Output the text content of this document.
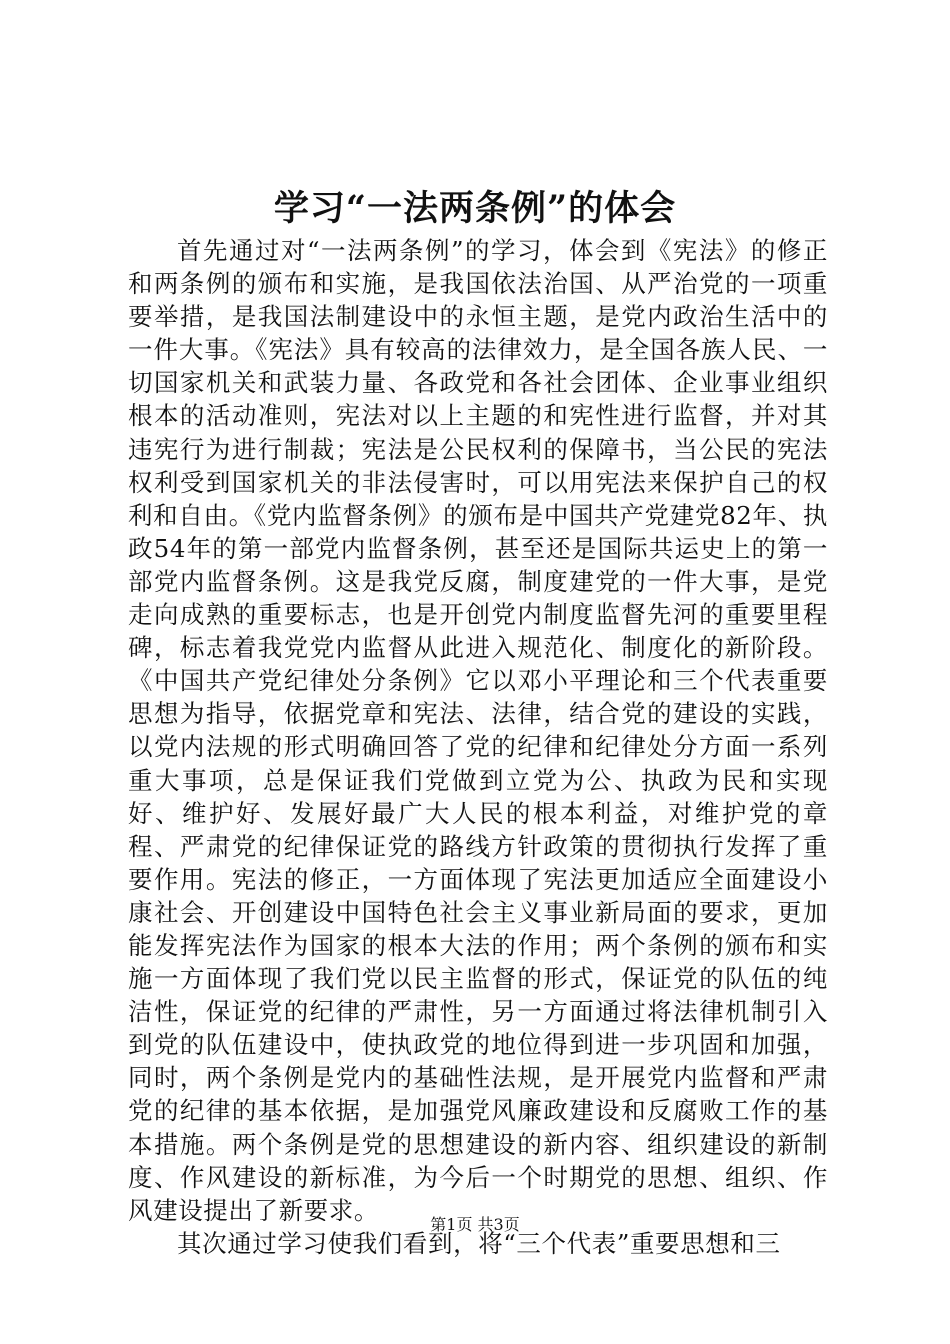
学习“一法两条例”的体会

首先通过对“一法两条例”的学习，体会到《宪法》的修正和两条例的颁布和实施，是我国依法治国、从严治党的一项重要举措，是我国法制建设中的永恒主题，是党内政治生活中的一件大事。《宪法》具有较高的法律效力，是全国各族人民、一切国家机关和武装力量、各政党和各社会团体、企业事业组织根本的活动准则，宪法对以上主题的和宪性进行监督，并对其违宪行为进行制裁；宪法是公民权利的保障书，当公民的宪法权利受到国家机关的非法侵害时，可以用宪法来保护自己的权利和自由。《党内监督条例》的颁布是中国共产党建党82年、执政54年的第一部党内监督条例，甚至还是国际共运史上的第一部党内监督条例。这是我党反腐，制度建党的一件大事，是党走向成熟的重要标志，也是开创党内制度监督先河的重要里程碑，标志着我党党内监督从此进入规范化、制度化的新阶段。《中国共产党纪律处分条例》它以邓小平理论和三个代表重要思想为指导，依据党章和宪法、法律，结合党的建设的实践，以党内法规的形式明确回答了党的纪律和纪律处分方面一系列重大事项，总是保证我们党做到立党为公、执政为民和实现好、维护好、发展好最广大人民的根本利益，对维护党的章程、严肃党的纪律保证党的路线方针政策的贯彻执行发挥了重要作用。宪法的修正，一方面体现了宪法更加适应全面建设小康社会、开创建设中国特色社会主义事业新局面的要求，更加能发挥宪法作为国家的根本大法的作用；两个条例的颁布和实施一方面体现了我们党以民主监督的形式，保证党的队伍的纯洁性，保证党的纪律的严肃性，另一方面通过将法律机制引入到党的队伍建设中，使执政党的地位得到进一步巩固和加强，同时，两个条例是党内的基础性法规，是开展党内监督和严肃党的纪律的基本依据，是加强党风廉政建设和反腐败工作的基本措施。两个条例是党的思想建设的新内容、组织建设的新制度、作风建设的新标准，为今后一个时期党的思想、组织、作风建设提出了新要求。

其次通过学习使我们看到，将“三个代表”重要思想和三

第1页 共3页
